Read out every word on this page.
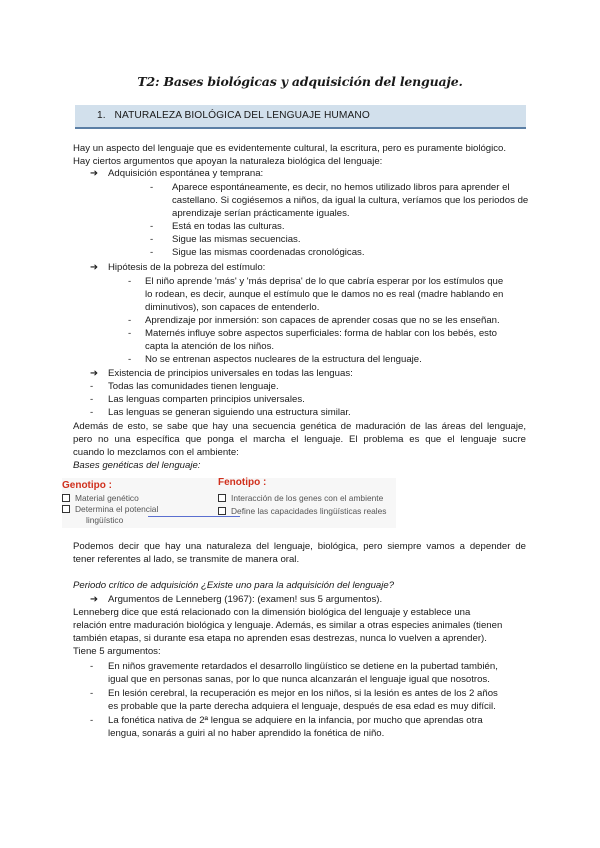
T2: Bases biológicas y adquisición del lenguaje.
1. NATURALEZA BIOLÓGICA DEL LENGUAJE HUMANO
Hay un aspecto del lenguaje que es evidentemente cultural, la escritura, pero es puramente biológico.
Hay ciertos argumentos que apoyan la naturaleza biológica del lenguaje:
➔ Adquisición espontánea y temprana:
- Aparece espontáneamente, es decir, no hemos utilizado libros para aprender el
castellano. Si cogiésemos a niños, da igual la cultura, veríamos que los periodos de
aprendizaje serían prácticamente iguales.
- Está en todas las culturas.
- Sigue las mismas secuencias.
- Sigue las mismas coordenadas cronológicas.
➔ Hipótesis de la pobreza del estímulo:
- El niño aprende 'más' y 'más deprisa' de lo que cabría esperar por los estímulos que
lo rodean, es decir, aunque el estímulo que le damos no es real (madre hablando en
diminutivos), son capaces de entenderlo.
- Aprendizaje por inmersión: son capaces de aprender cosas que no se les enseñan.
- Maternés influye sobre aspectos superficiales: forma de hablar con los bebés, esto
capta la atención de los niños.
- No se entrenan aspectos nucleares de la estructura del lenguaje.
➔ Existencia de principios universales en todas las lenguas:
- Todas las comunidades tienen lenguaje.
- Las lenguas comparten principios universales.
- Las lenguas se generan siguiendo una estructura similar.
Además de esto, se sabe que hay una secuencia genética de maduración de las áreas del lenguaje,
pero no una específica que ponga el marcha el lenguaje. El problema es que el lenguaje sucre
cuando lo mezclamos con el ambiente:
Bases genéticas del lenguaje:
Genotipo :
Material genético
Determina el potencial
lingüístico
Fenotipo :
Interacción de los genes con el ambiente
Define las capacidades lingüísticas reales
Podemos decir que hay una naturaleza del lenguaje, biológica, pero siempre vamos a depender de
tener referentes al lado, se transmite de manera oral.
Periodo crítico de adquisición ¿Existe uno para la adquisición del lenguaje?
➔ Argumentos de Lenneberg (1967): (examen! sus 5 argumentos).
Lenneberg dice que está relacionado con la dimensión biológica del lenguaje y establece una
relación entre maduración biológica y lenguaje. Además, es similar a otras especies animales (tienen
también etapas, si durante esa etapa no aprenden esas destrezas, nunca lo vuelven a aprender).
Tiene 5 argumentos:
- En niños gravemente retardados el desarrollo lingüístico se detiene en la pubertad también,
igual que en personas sanas, por lo que nunca alcanzarán el lenguaje igual que nosotros.
- En lesión cerebral, la recuperación es mejor en los niños, si la lesión es antes de los 2 años
es probable que la parte derecha adquiera el lenguaje, después de esa edad es muy difícil.
- La fonética nativa de 2ª lengua se adquiere en la infancia, por mucho que aprendas otra
lengua, sonarás a guiri al no haber aprendido la fonética de niño.
